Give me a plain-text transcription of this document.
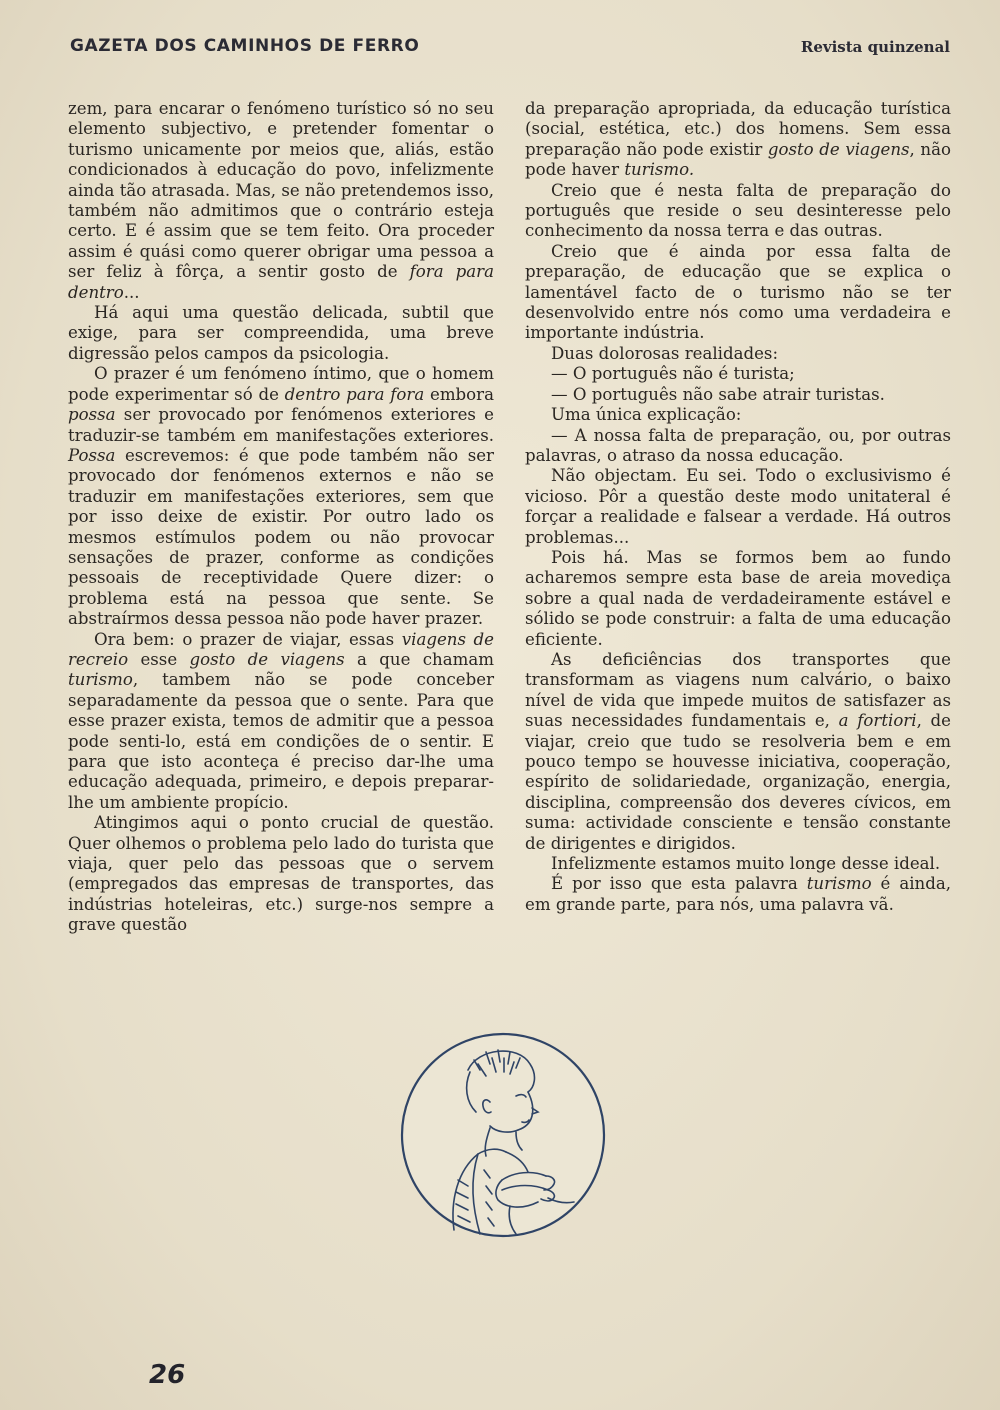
GAZETA DOS CAMINHOS DE FERRO	Revista quinzenal

zem, para encarar o fenómeno turístico só no seu elemento subjectivo, e pretender fomentar o turismo unicamente por meios que, aliás, estão condicionados à educação do povo, infelizmente ainda tão atrasada. Mas, se não pretendemos isso, também não admitimos que o contrário esteja certo. E é assim que se tem feito. Ora proceder assim é quási como querer obrigar uma pessoa a ser feliz à fôrça, a sentir gosto de fora para dentro...

Há aqui uma questão delicada, subtil que exige, para ser compreendida, uma breve digressão pelos campos da psicologia.

O prazer é um fenómeno íntimo, que o homem pode experimentar só de dentro para fora embora possa ser provocado por fenómenos exteriores e traduzir-se também em manifestações exteriores. Possa escrevemos: é que pode também não ser provocado dor fenómenos externos e não se traduzir em manifestações exteriores, sem que por isso deixe de existir. Por outro lado os mesmos estímulos podem ou não provocar sensações de prazer, conforme as condições pessoais de receptividade Quere dizer: o problema está na pessoa que sente. Se abstraírmos dessa pessoa não pode haver prazer.

Ora bem: o prazer de viajar, essas viagens de recreio esse gosto de viagens a que chamam turismo, tambem não se pode conceber separadamente da pessoa que o sente. Para que esse prazer exista, temos de admitir que a pessoa pode senti-lo, está em condições de o sentir. E para que isto aconteça é preciso dar-lhe uma educação adequada, primeiro, e depois preparar-lhe um ambiente propício.

Atingimos aqui o ponto crucial de questão. Quer olhemos o problema pelo lado do turista que viaja, quer pelo das pessoas que o servem (empregados das empresas de transportes, das indústrias hoteleiras, etc.) surge-nos sempre a grave questão

da preparação apropriada, da educação turística (social, estética, etc.) dos homens. Sem essa preparação não pode existir gosto de viagens, não pode haver turismo.

Creio que é nesta falta de preparação do português que reside o seu desinteresse pelo conhecimento da nossa terra e das outras.

Creio que é ainda por essa falta de preparação, de educação que se explica o lamentável facto de o turismo não se ter desenvolvido entre nós como uma verdadeira e importante indústria.

Duas dolorosas realidades:

— O português não é turista;

— O português não sabe atrair turistas.

Uma única explicação:

— A nossa falta de preparação, ou, por outras palavras, o atraso da nossa educação.

Não objectam. Eu sei. Todo o exclusivismo é vicioso. Pôr a questão deste modo unitateral é forçar a realidade e falsear a verdade. Há outros problemas...

Pois há. Mas se formos bem ao fundo acharemos sempre esta base de areia movediça sobre a qual nada de verdadeiramente estável e sólido se pode construir: a falta de uma educação eficiente.

As deficiências dos transportes que transformam as viagens num calvário, o baixo nível de vida que impede muitos de satisfazer as suas necessidades fundamentais e, a fortiori, de viajar, creio que tudo se resolveria bem e em pouco tempo se houvesse iniciativa, cooperação, espírito de solidariedade, organização, energia, disciplina, compreensão dos deveres cívicos, em suma: actividade consciente e tensão constante de dirigentes e dirigidos.

Infelizmente estamos muito longe desse ideal.

É por isso que esta palavra turismo é ainda, em grande parte, para nós, uma palavra vã.

26
